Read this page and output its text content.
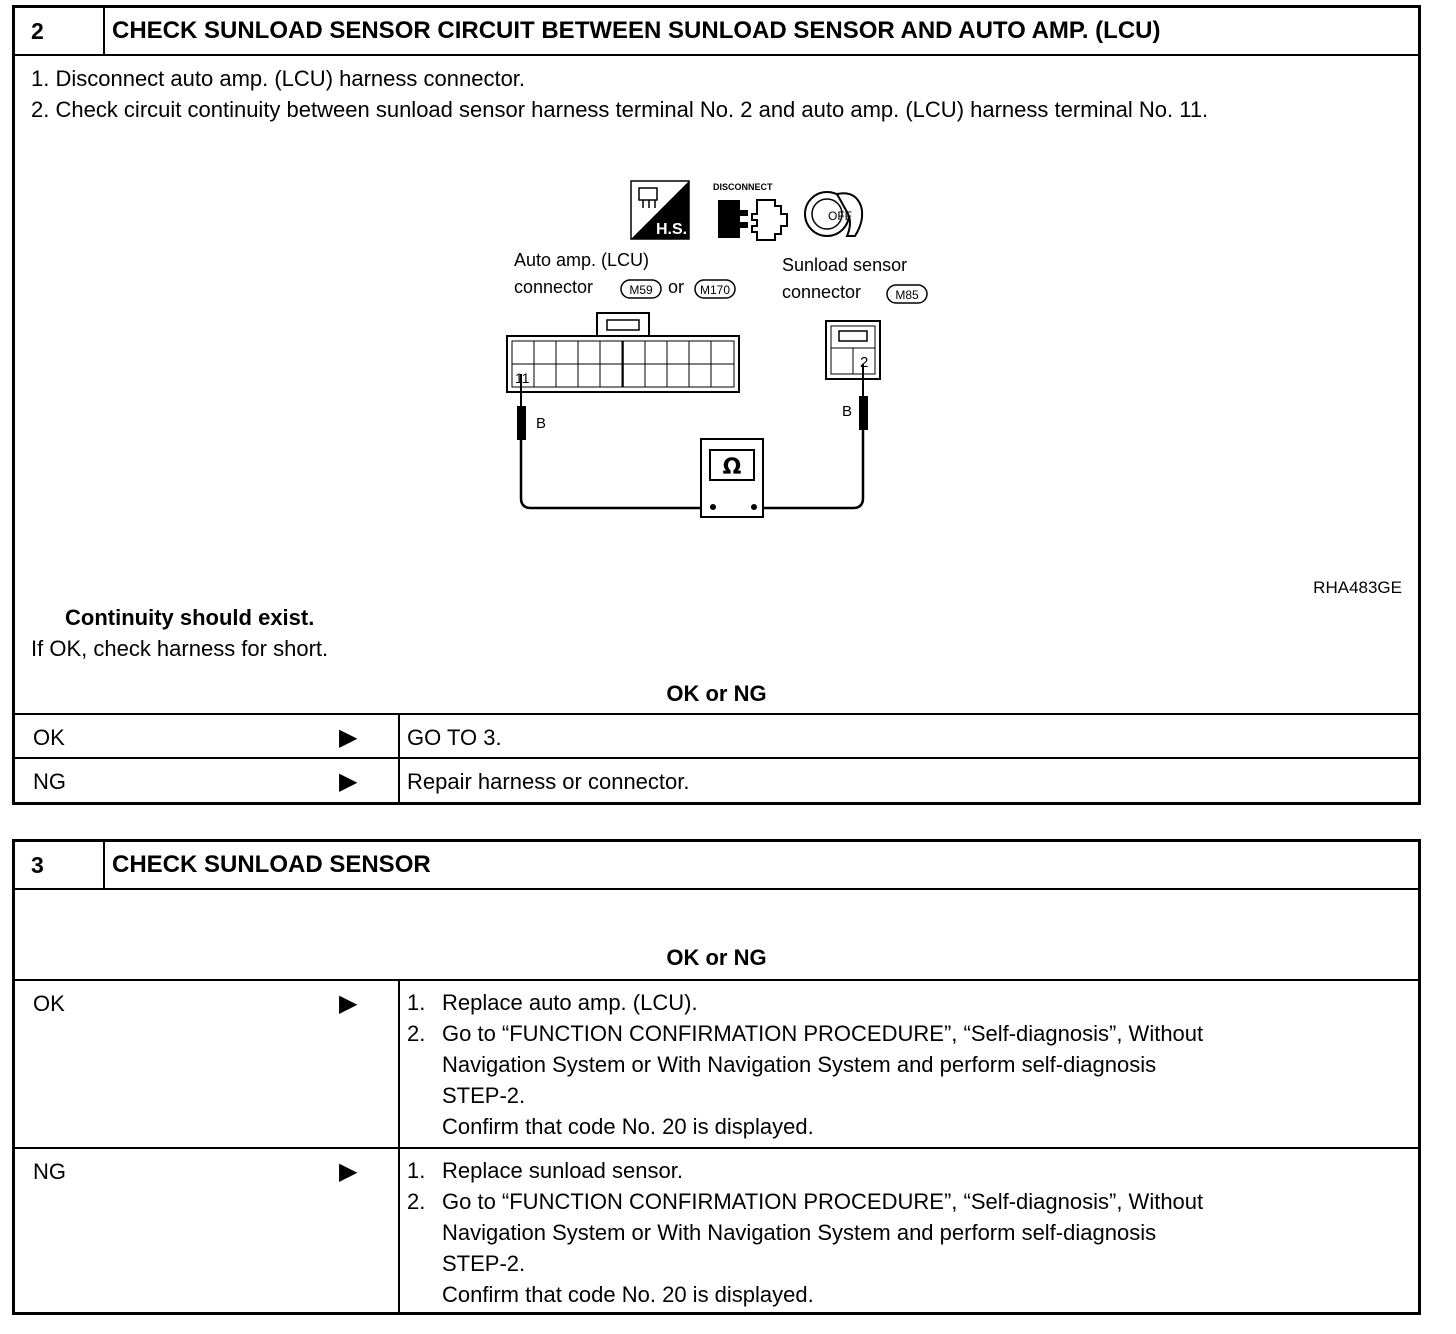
2	CHECK SUNLOAD SENSOR CIRCUIT BETWEEN SUNLOAD SENSOR AND AUTO AMP. (LCU)
1. Disconnect auto amp. (LCU) harness connector.
2. Check circuit continuity between sunload sensor harness terminal No. 2 and auto amp. (LCU) harness terminal No. 11.
H.S.
DISCONNECT
OFF
Auto amp. (LCU)
connector	M59 or M170
Sunload sensor
connector	M85
11
2
B
B
Ω
RHA483GE
Continuity should exist.
If OK, check harness for short.
OK or NG
OK	▶ GO TO 3.
NG	▶ Repair harness or connector.
3	CHECK SUNLOAD SENSOR
OK or NG
OK	▶ 1. Replace auto amp. (LCU).
2. Go to “FUNCTION CONFIRMATION PROCEDURE”, “Self-diagnosis”, Without
Navigation System or With Navigation System and perform self-diagnosis
STEP-2.
Confirm that code No. 20 is displayed.
NG	▶ 1. Replace sunload sensor.
2. Go to “FUNCTION CONFIRMATION PROCEDURE”, “Self-diagnosis”, Without
Navigation System or With Navigation System and perform self-diagnosis
STEP-2.
Confirm that code No. 20 is displayed.
